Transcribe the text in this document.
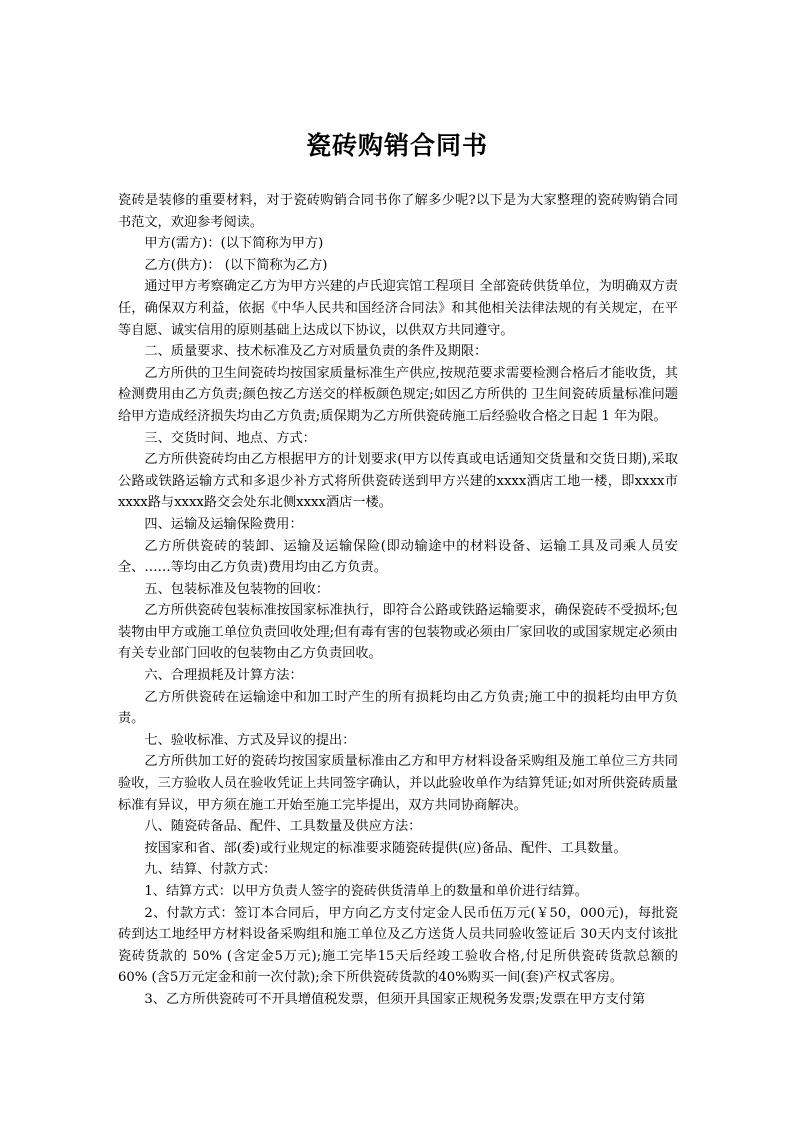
瓷砖购销合同书

瓷砖是装修的重要材料，对于瓷砖购销合同书你了解多少呢?以下是为大家整理的瓷砖购销合同书范文，欢迎参考阅读。

甲方(需方)：(以下简称为甲方)

乙方(供方)： (以下简称为乙方)

通过甲方考察确定乙方为甲方兴建的卢氏迎宾馆工程项目 全部瓷砖供货单位，为明确双方责任，确保双方利益，依据《中华人民共和国经济合同法》和其他相关法律法规的有关规定，在平等自愿、诚实信用的原则基础上达成以下协议，以供双方共同遵守。

二、质量要求、技术标准及乙方对质量负责的条件及期限：

乙方所供的卫生间瓷砖均按国家质量标准生产供应,按规范要求需要检测合格后才能收货，其检测费用由乙方负责;颜色按乙方送交的样板颜色规定;如因乙方所供的 卫生间瓷砖质量标准问题给甲方造成经济损失均由乙方负责;质保期为乙方所供瓷砖施工后经验收合格之日起 1 年为限。

三、交货时间、地点、方式：

乙方所供瓷砖均由乙方根据甲方的计划要求(甲方以传真或电话通知交货量和交货日期),采取公路或铁路运输方式和多退少补方式将所供瓷砖送到甲方兴建的xxxx酒店工地一楼，即xxxx市xxxx路与xxxx路交会处东北侧xxxx酒店一楼。

四、运输及运输保险费用：

乙方所供瓷砖的装卸、运输及运输保险(即动输途中的材料设备、运输工具及司乘人员安全、……等均由乙方负责)费用均由乙方负责。

五、包装标准及包装物的回收：

乙方所供瓷砖包装标准按国家标准执行，即符合公路或铁路运输要求，确保瓷砖不受损坏;包装物由甲方或施工单位负责回收处理;但有毒有害的包装物或必须由厂家回收的或国家规定必须由有关专业部门回收的包装物由乙方负责回收。

六、合理损耗及计算方法：

乙方所供瓷砖在运输途中和加工时产生的所有损耗均由乙方负责;施工中的损耗均由甲方负责。

七、验收标准、方式及异议的提出：

乙方所供加工好的瓷砖均按国家质量标准由乙方和甲方材料设备采购组及施工单位三方共同验收，三方验收人员在验收凭证上共同签字确认，并以此验收单作为结算凭证;如对所供瓷砖质量标准有异议，甲方须在施工开始至施工完毕提出，双方共同协商解决。

八、随瓷砖备品、配件、工具数量及供应方法：

按国家和省、部(委)或行业规定的标准要求随瓷砖提供(应)备品、配件、工具数量。

九、结算、付款方式：

1、结算方式：以甲方负责人签字的瓷砖供货清单上的数量和单价进行结算。

2、付款方式：签订本合同后，甲方向乙方支付定金人民币伍万元(￥50，000元)，每批瓷砖到达工地经甲方材料设备采购组和施工单位及乙方送货人员共同验收签证后 30天内支付该批瓷砖货款的 50% (含定金5万元);施工完毕15天后经竣工验收合格,付足所供瓷砖货款总额的 60% (含5万元定金和前一次付款);余下所供瓷砖货款的40%购买一间(套)产权式客房。

3、乙方所供瓷砖可不开具增值税发票，但须开具国家正规税务发票;发票在甲方支付第
